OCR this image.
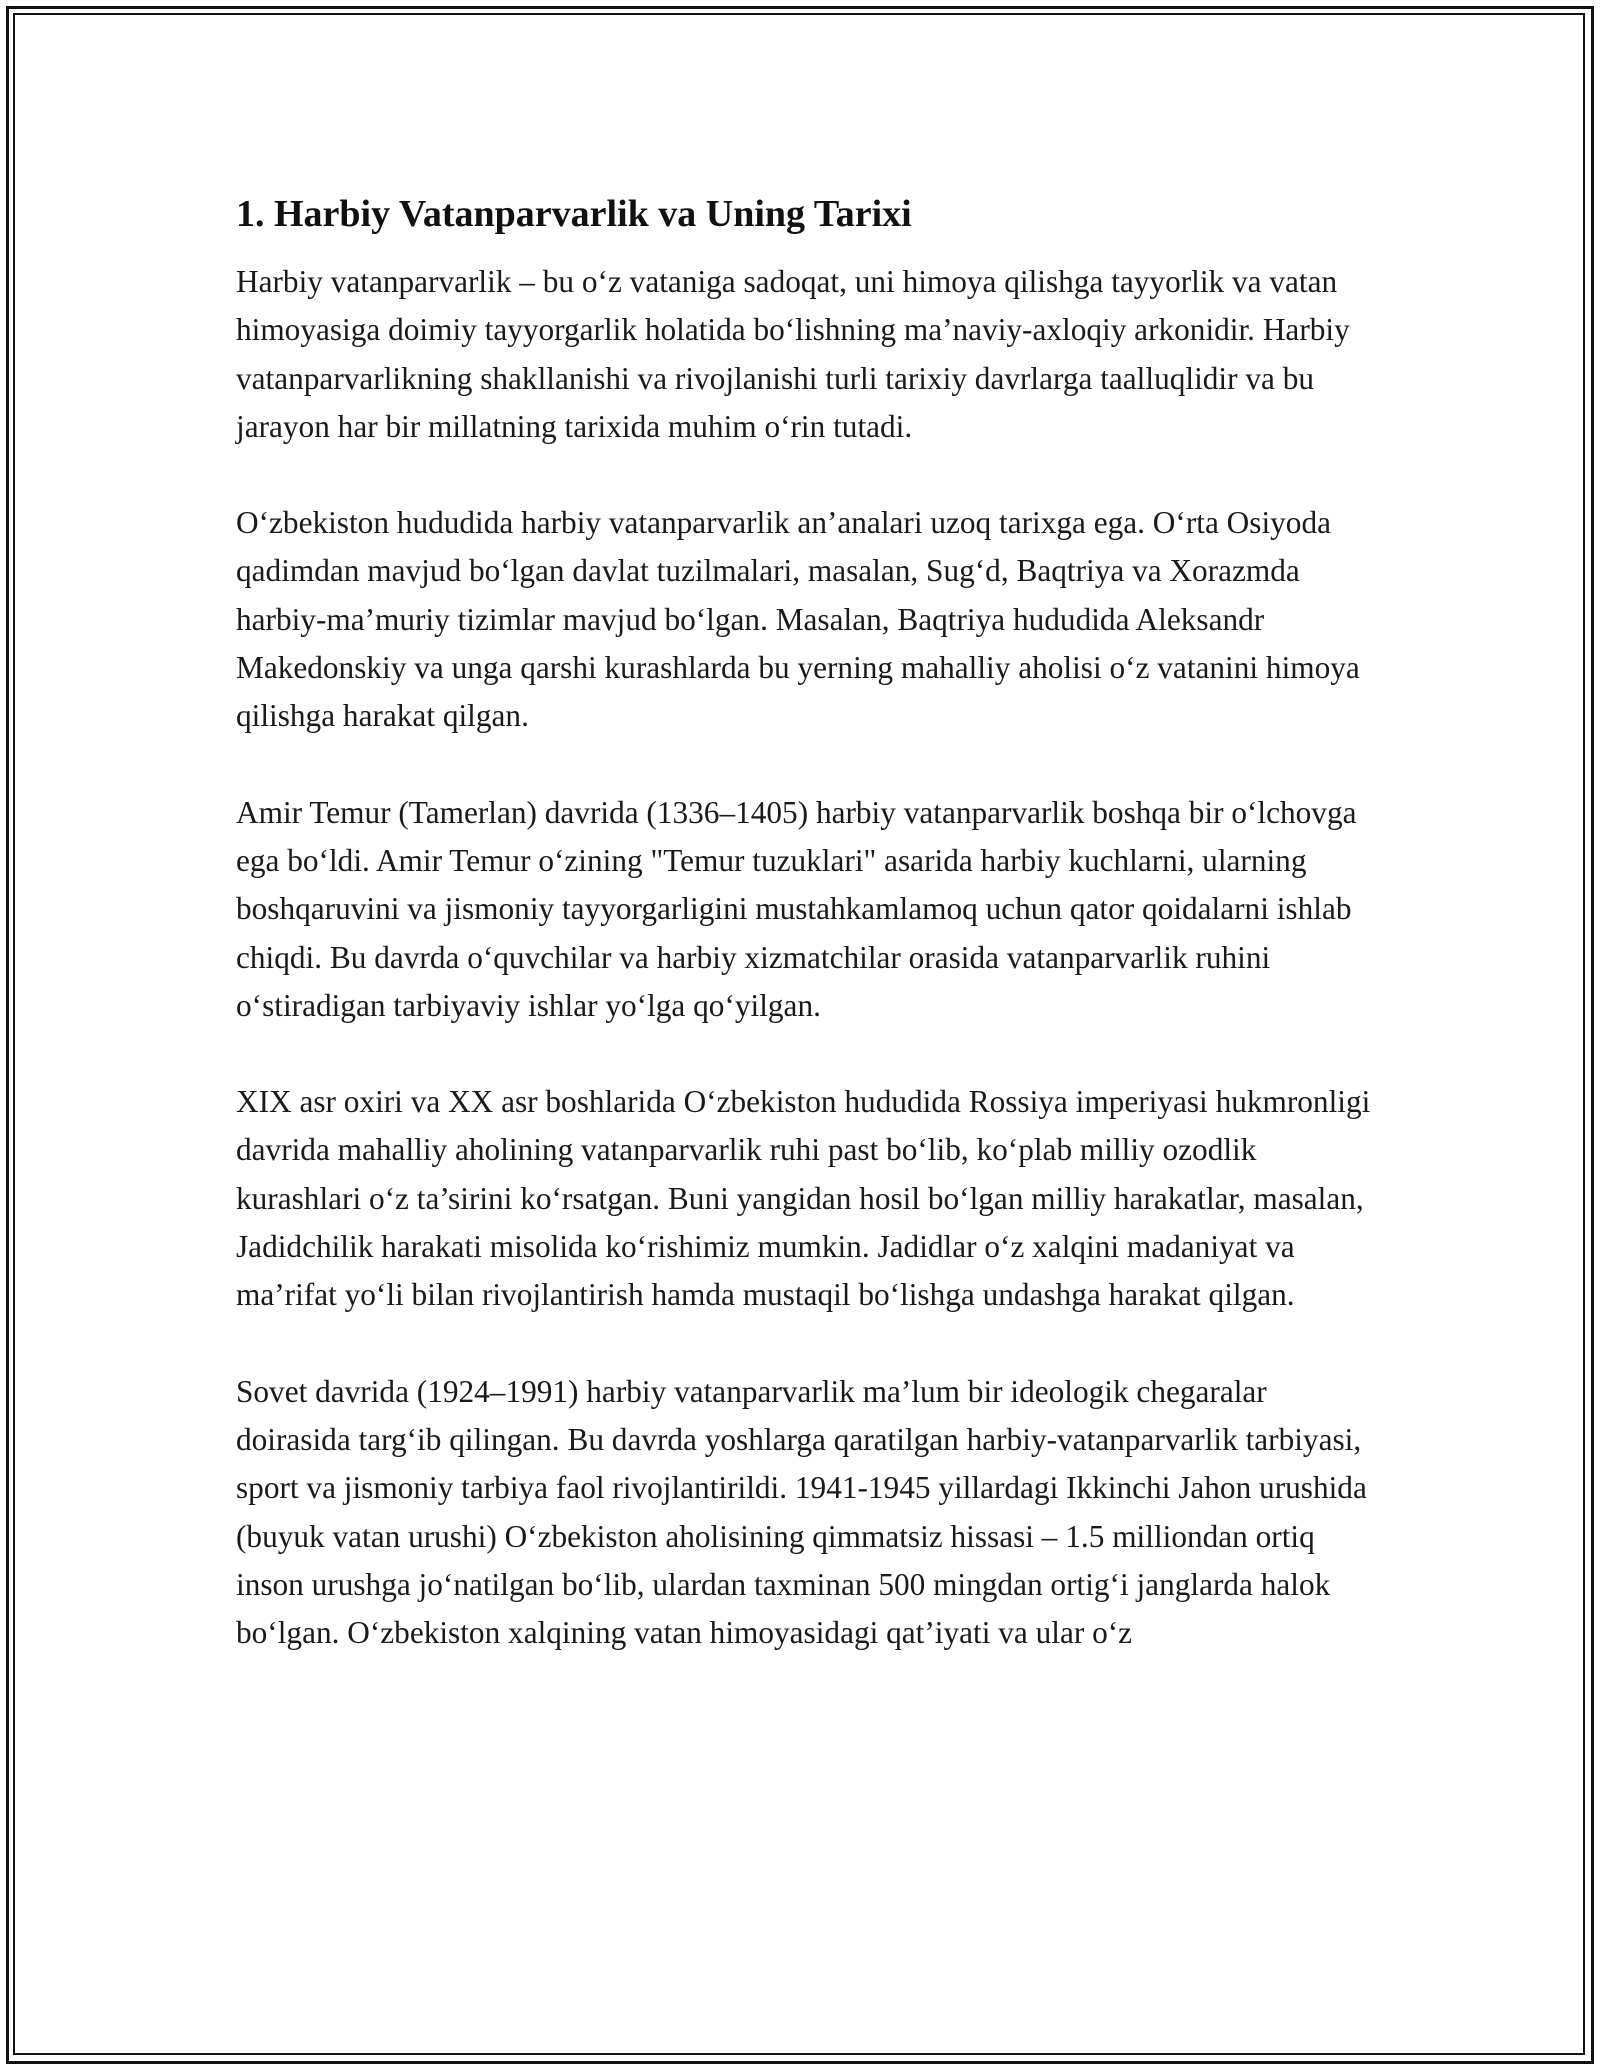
1. Harbiy Vatanparvarlik va Uning Tarixi

Harbiy vatanparvarlik – bu o‘z vataniga sadoqat, uni himoya qilishga tayyorlik va vatan himoyasiga doimiy tayyorgarlik holatida bo‘lishning ma’naviy-axloqiy arkonidir. Harbiy vatanparvarlikning shakllanishi va rivojlanishi turli tarixiy davrlarga taalluqlidir va bu jarayon har bir millatning tarixida muhim o‘rin tutadi.

O‘zbekiston hududida harbiy vatanparvarlik an’analari uzoq tarixga ega. O‘rta Osiyoda qadimdan mavjud bo‘lgan davlat tuzilmalari, masalan, Sug‘d, Baqtriya va Xorazmda harbiy-ma’muriy tizimlar mavjud bo‘lgan. Masalan, Baqtriya hududida Aleksandr Makedonskiy va unga qarshi kurashlarda bu yerning mahalliy aholisi o‘z vatanini himoya qilishga harakat qilgan.

Amir Temur (Tamerlan) davrida (1336–1405) harbiy vatanparvarlik boshqa bir o‘lchovga ega bo‘ldi. Amir Temur o‘zining "Temur tuzuklari" asarida harbiy kuchlarni, ularning boshqaruvini va jismoniy tayyorgarligini mustahkamlamoq uchun qator qoidalarni ishlab chiqdi. Bu davrda o‘quvchilar va harbiy xizmatchilar orasida vatanparvarlik ruhini o‘stiradigan tarbiyaviy ishlar yo‘lga qo‘yilgan.

XIX asr oxiri va XX asr boshlarida O‘zbekiston hududida Rossiya imperiyasi hukmronligi davrida mahalliy aholining vatanparvarlik ruhi past bo‘lib, ko‘plab milliy ozodlik kurashlari o‘z ta’sirini ko‘rsatgan. Buni yangidan hosil bo‘lgan milliy harakatlar, masalan, Jadidchilik harakati misolida ko‘rishimiz mumkin. Jadidlar o‘z xalqini madaniyat va ma’rifat yo‘li bilan rivojlantirish hamda mustaqil bo‘lishga undashga harakat qilgan.

Sovet davrida (1924–1991) harbiy vatanparvarlik ma’lum bir ideologik chegaralar doirasida targ‘ib qilingan. Bu davrda yoshlarga qaratilgan harbiy-vatanparvarlik tarbiyasi, sport va jismoniy tarbiya faol rivojlantirildi. 1941-1945 yillardagi Ikkinchi Jahon urushida (buyuk vatan urushi) O‘zbekiston aholisining qimmatsiz hissasi – 1.5 milliondan ortiq inson urushga jo‘natilgan bo‘lib, ulardan taxminan 500 mingdan ortig‘i janglarda halok bo‘lgan. O‘zbekiston xalqining vatan himoyasidagi qat’iyati va ular o‘z
